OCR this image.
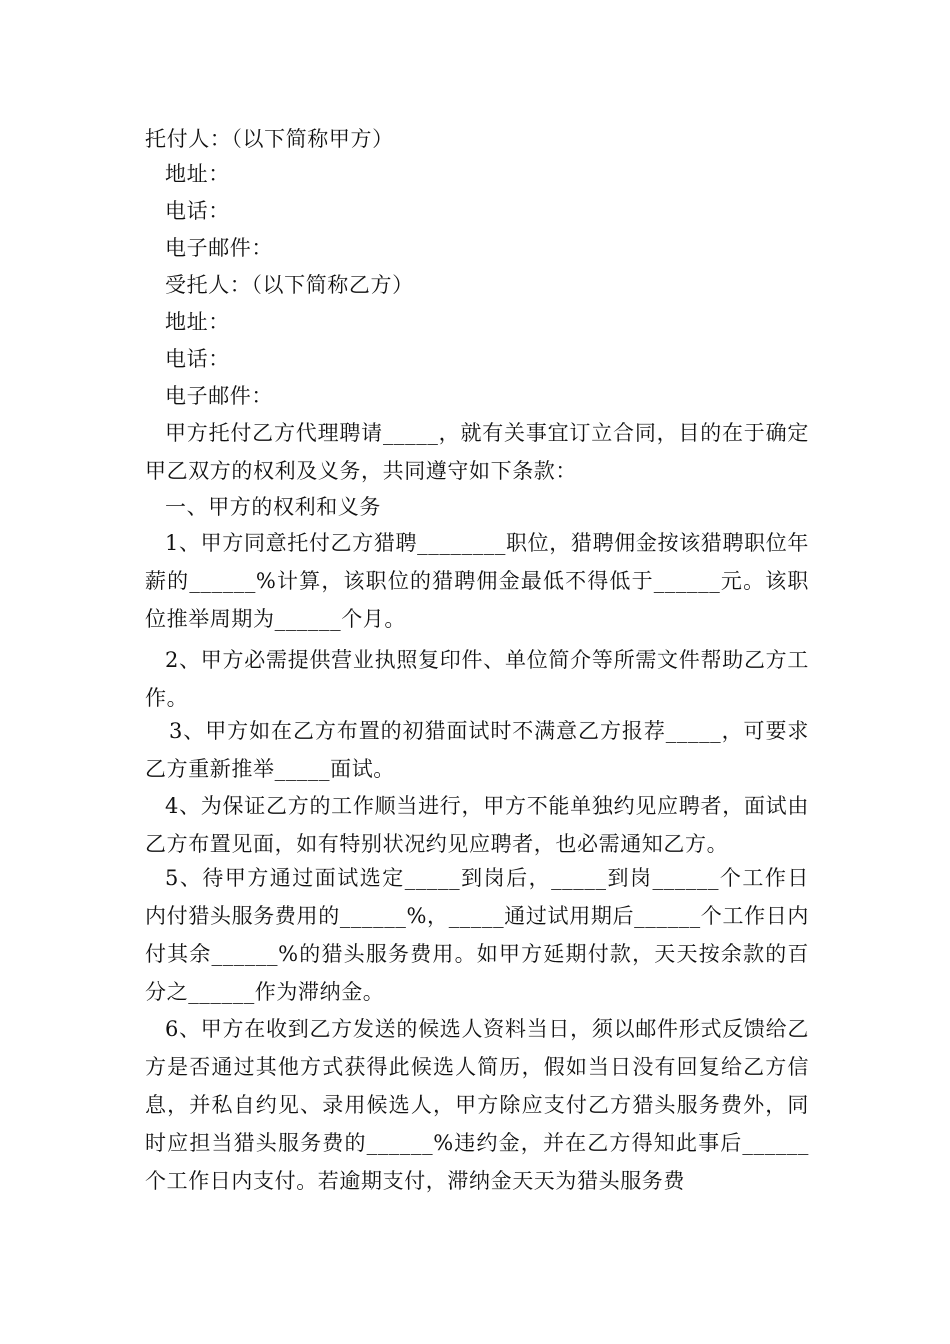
托付人：（以下简称甲方）
地址：
电话：
电子邮件：
受托人：（以下简称乙方）
地址：
电话：
电子邮件：
甲方托付乙方代理聘请_____，就有关事宜订立合同，目的在于确定甲乙双方的权利及义务，共同遵守如下条款：
一、甲方的权利和义务
1、甲方同意托付乙方猎聘________职位，猎聘佣金按该猎聘职位年薪的______%计算，该职位的猎聘佣金最低不得低于______元。该职位推举周期为______个月。
2、甲方必需提供营业执照复印件、单位简介等所需文件帮助乙方工作。
3、甲方如在乙方布置的初猎面试时不满意乙方报荐_____，可要求乙方重新推举_____面试。
4、为保证乙方的工作顺当进行，甲方不能单独约见应聘者，面试由乙方布置见面，如有特别状况约见应聘者，也必需通知乙方。
5、待甲方通过面试选定_____到岗后，_____到岗______个工作日内付猎头服务费用的______%，_____通过试用期后______个工作日内付其余______%的猎头服务费用。如甲方延期付款，天天按余款的百分之______作为滞纳金。
6、甲方在收到乙方发送的候选人资料当日，须以邮件形式反馈给乙方是否通过其他方式获得此候选人简历，假如当日没有回复给乙方信息，并私自约见、录用候选人，甲方除应支付乙方猎头服务费外，同时应担当猎头服务费的______%违约金，并在乙方得知此事后______个工作日内支付。若逾期支付，滞纳金天天为猎头服务费
